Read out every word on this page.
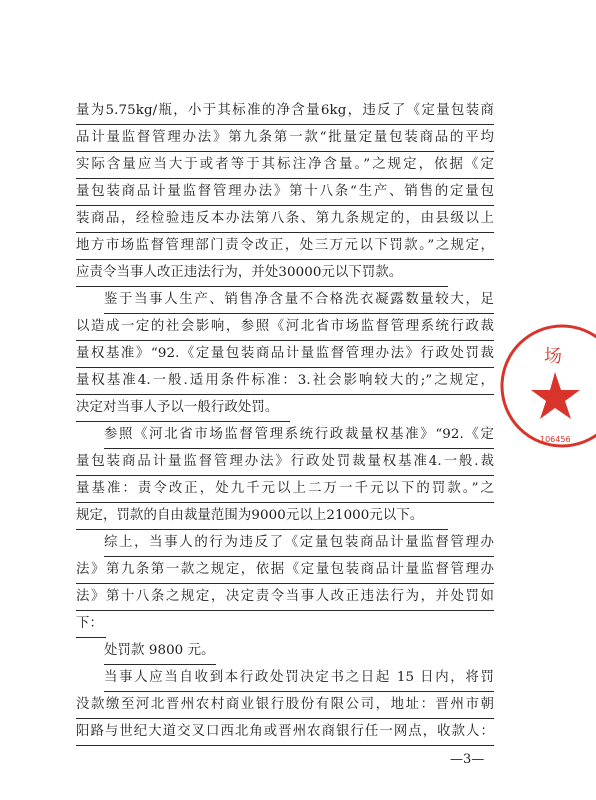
量为5.75kg/瓶，小于其标准的净含量6kg，违反了《定量包装商
品计量监督管理办法》第九条第一款“批量定量包装商品的平均
实际含量应当大于或者等于其标注净含量。”之规定，依据《定
量包装商品计量监督管理办法》第十八条“生产、销售的定量包
装商品，经检验违反本办法第八条、第九条规定的，由县级以上
地方市场监督管理部门责令改正，处三万元以下罚款。”之规定，
应责令当事人改正违法行为，并处30000元以下罚款。
鉴于当事人生产、销售净含量不合格洗衣凝露数量较大，足
以造成一定的社会影响，参照《河北省市场监督管理系统行政裁
量权基准》“92.《定量包装商品计量监督管理办法》行政处罚裁
量权基准4.一般.适用条件标准：3.社会影响较大的;”之规定，
决定对当事人予以一般行政处罚。
参照《河北省市场监督管理系统行政裁量权基准》“92.《定
量包装商品计量监督管理办法》行政处罚裁量权基准4.一般.裁
量基准：责令改正，处九千元以上二万一千元以下的罚款。”之
规定，罚款的自由裁量范围为9000元以上21000元以下。
综上，当事人的行为违反了《定量包装商品计量监督管理办
法》第九条第一款之规定，依据《定量包装商品计量监督管理办
法》第十八条之规定，决定责令当事人改正违法行为，并处罚如
下：
处罚款 9800 元。
当事人应当自收到本行政处罚决定书之日起 15 日内，将罚
没款缴至河北晋州农村商业银行股份有限公司，地址：晋州市朝
阳路与世纪大道交叉口西北角或晋州农商银行任一网点，收款人：
—3—
场
106456
